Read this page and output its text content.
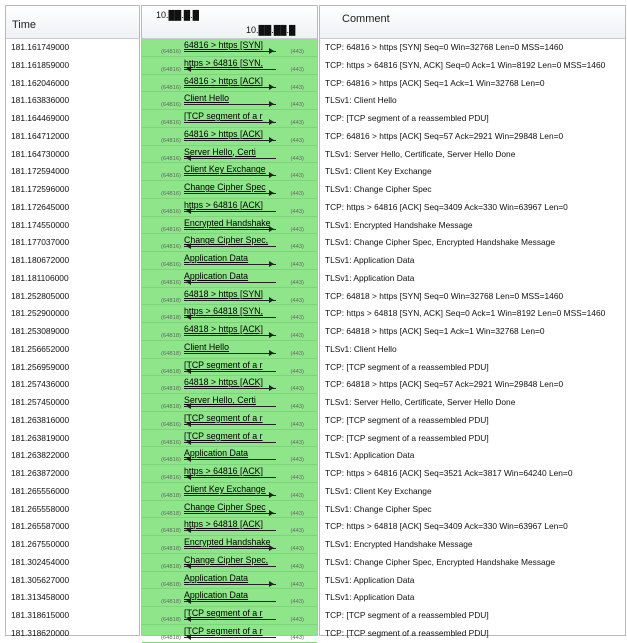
Time
181.161749000
181.161859000
181.162046000
181.163836000
181.164469000
181.164712000
181.164730000
181.172594000
181.172596000
181.172645000
181.174550000
181.177037000
181.180672000
181.181106000
181.252805000
181.252900000
181.253089000
181.256652000
181.256959000
181.257436000
181.257450000
181.263816000
181.263819000
181.263822000
181.263872000
181.265556000
181.265558000
181.265587000
181.267550000
181.302454000
181.305627000
181.313458000
181.318615000
181.318620000
10.██.█.█
10.██.██.█
(64816)
64816 > https [SYN]
(443)
(64816)
https > 64816 [SYN,
(443)
(64816)
64816 > https [ACK]
(443)
(64816)
Client Hello
(443)
(64816)
[TCP segment of a r
(443)
(64816)
64816 > https [ACK]
(443)
(64816)
Server Hello, Certi
(443)
(64816)
Client Key Exchange
(443)
(64816)
Change Cipher Spec
(443)
(64816)
https > 64816 [ACK]
(443)
(64816)
Encrypted Handshake
(443)
(64816)
Change Cipher Spec,
(443)
(64816)
Application Data
(443)
(64816)
Application Data
(443)
(64818)
64818 > https [SYN]
(443)
(64818)
https > 64818 [SYN,
(443)
(64818)
64818 > https [ACK]
(443)
(64818)
Client Hello
(443)
(64818)
[TCP segment of a r
(443)
(64818)
64818 > https [ACK]
(443)
(64818)
Server Hello, Certi
(443)
(64816)
[TCP segment of a r
(443)
(64816)
[TCP segment of a r
(443)
(64816)
Application Data
(443)
(64816)
https > 64816 [ACK]
(443)
(64818)
Client Key Exchange
(443)
(64818)
Change Cipher Spec
(443)
(64818)
https > 64818 [ACK]
(443)
(64818)
Encrypted Handshake
(443)
(64818)
Change Cipher Spec,
(443)
(64818)
Application Data
(443)
(64818)
Application Data
(443)
(64818)
[TCP segment of a r
(443)
(64818)
[TCP segment of a r
(443)
Comment
TCP: 64816 > https [SYN] Seq=0 Win=32768 Len=0 MSS=1460
TCP: https > 64816 [SYN, ACK] Seq=0 Ack=1 Win=8192 Len=0 MSS=1460
TCP: 64816 > https [ACK] Seq=1 Ack=1 Win=32768 Len=0
TLSv1: Client Hello
TCP: [TCP segment of a reassembled PDU]
TCP: 64816 > https [ACK] Seq=57 Ack=2921 Win=29848 Len=0
TLSv1: Server Hello, Certificate, Server Hello Done
TLSv1: Client Key Exchange
TLSv1: Change Cipher Spec
TCP: https > 64816 [ACK] Seq=3409 Ack=330 Win=63967 Len=0
TLSv1: Encrypted Handshake Message
TLSv1: Change Cipher Spec, Encrypted Handshake Message
TLSv1: Application Data
TLSv1: Application Data
TCP: 64818 > https [SYN] Seq=0 Win=32768 Len=0 MSS=1460
TCP: https > 64818 [SYN, ACK] Seq=0 Ack=1 Win=8192 Len=0 MSS=1460
TCP: 64818 > https [ACK] Seq=1 Ack=1 Win=32768 Len=0
TLSv1: Client Hello
TCP: [TCP segment of a reassembled PDU]
TCP: 64818 > https [ACK] Seq=57 Ack=2921 Win=29848 Len=0
TLSv1: Server Hello, Certificate, Server Hello Done
TCP: [TCP segment of a reassembled PDU]
TCP: [TCP segment of a reassembled PDU]
TLSv1: Application Data
TCP: https > 64816 [ACK] Seq=3521 Ack=3817 Win=64240 Len=0
TLSv1: Client Key Exchange
TLSv1: Change Cipher Spec
TCP: https > 64818 [ACK] Seq=3409 Ack=330 Win=63967 Len=0
TLSv1: Encrypted Handshake Message
TLSv1: Change Cipher Spec, Encrypted Handshake Message
TLSv1: Application Data
TLSv1: Application Data
TCP: [TCP segment of a reassembled PDU]
TCP: [TCP segment of a reassembled PDU]
